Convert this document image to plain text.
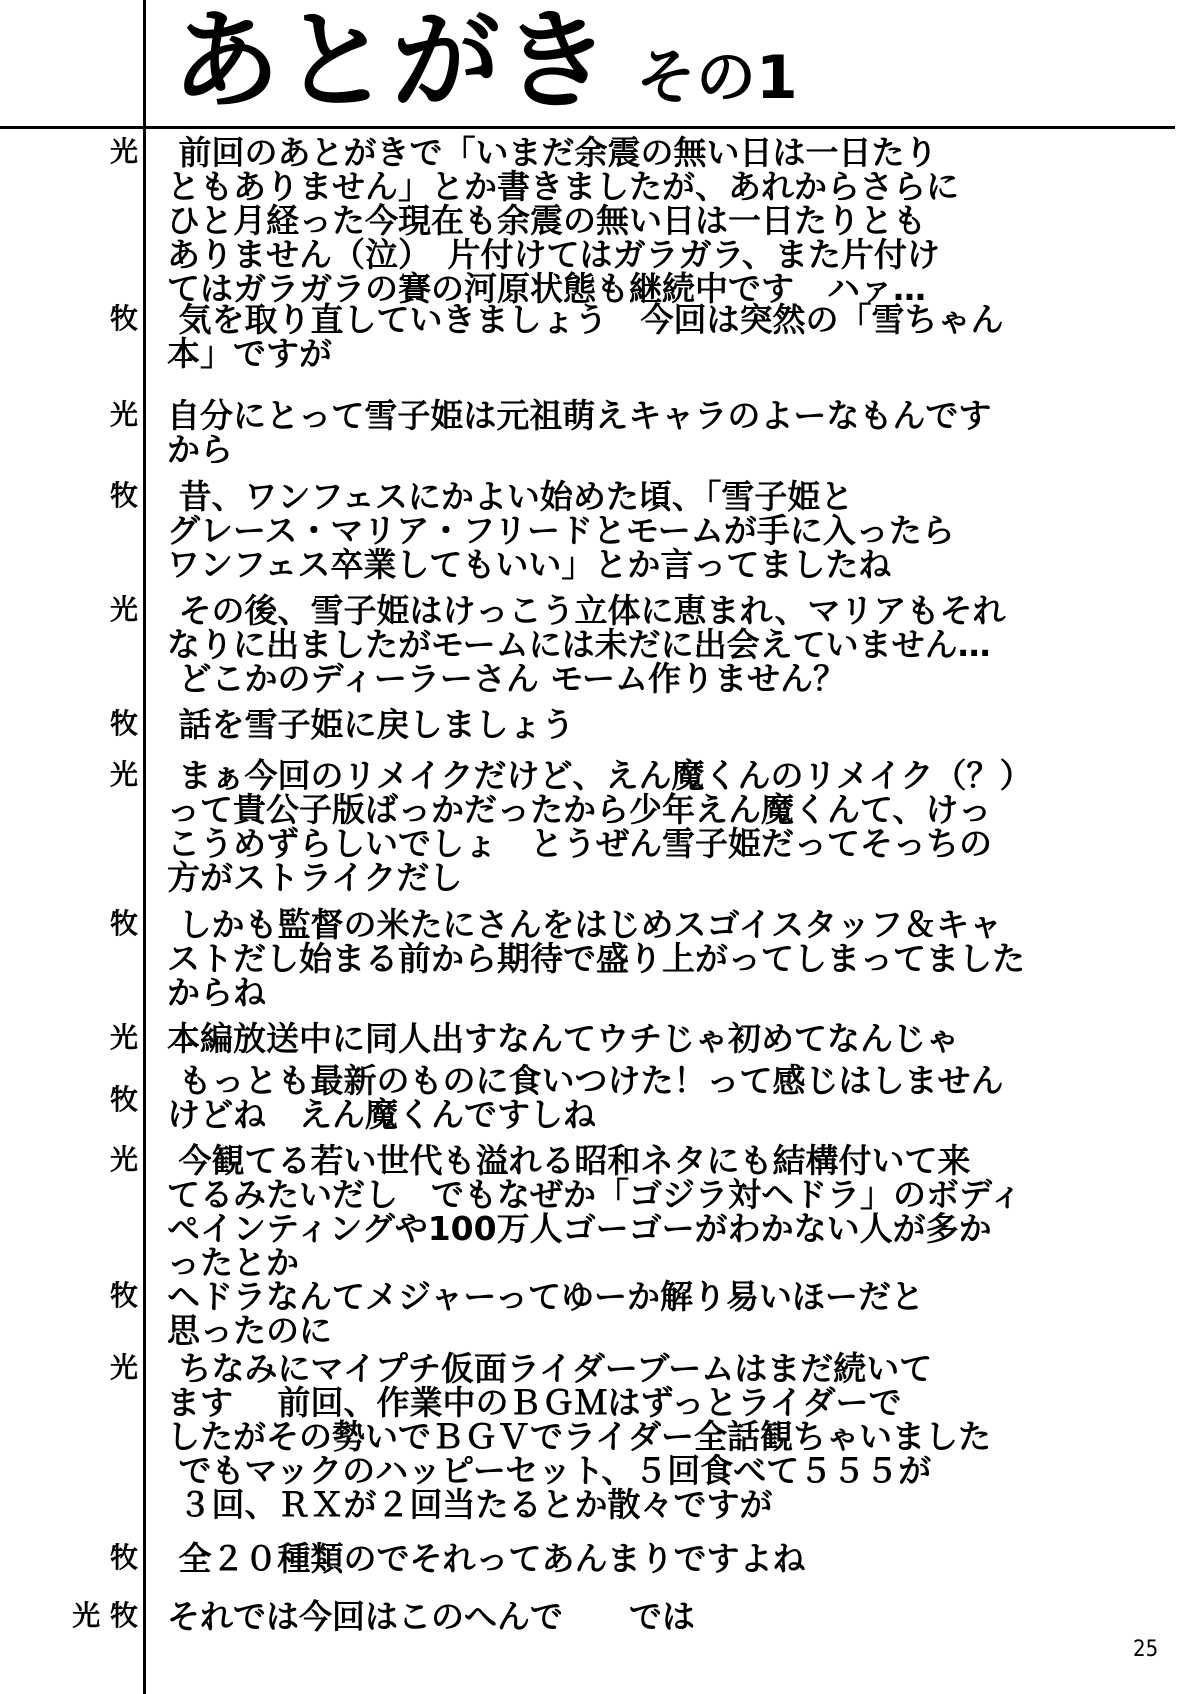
あとがき その1
光	前回のあとがきで「いまだ余震の無い日は一日たり
ともありません」とか書きましたが、あれからさらに
ひと月経った今現在も余震の無い日は一日たりとも
ありません（泣）　片付けてはガラガラ、また片付け
てはガラガラの賽の河原状態も継続中です　ハァ…
牧	気を取り直していきましょう　今回は突然の「雪ちゃん
本」ですが
光 自分にとって雪子姫は元祖萌えキャラのよーなもんです
から
牧	昔、ワンフェスにかよい始めた頃、「雪子姫と
グレース・マリア・フリードとモームが手に入ったら
ワンフェス卒業してもいい」とか言ってましたね
光	その後、雪子姫はけっこう立体に恵まれ、マリアもそれ
なりに出ましたがモームには未だに出会えていません…
どこかのディーラーさん モーム作りません？
牧 話を雪子姫に戻しましょう
光	まぁ今回のリメイクだけど、えん魔くんのリメイク（？）
って貴公子版ばっかだったから少年えん魔くんて、けっ
こうめずらしいでしょ　とうぜん雪子姫だってそっちの
方がストライクだし
牧	しかも監督の米たにさんをはじめスゴイスタッフ＆キャ
ストだし始まる前から期待で盛り上がってしまってました
からね
光 本編放送中に同人出すなんてウチじゃ初めてなんじゃ
牧	もっとも最新のものに食いつけた！って感じはしません
けどね　えん魔くんですしね
光	今観てる若い世代も溢れる昭和ネタにも結構付いて来
てるみたいだし　でもなぜか「ゴジラ対ヘドラ」のボディ
ペインティングや100万人ゴーゴーがわかない人が多か
ったとか
牧 ヘドラなんてメジャーってゆーか解り易いほーだと
思ったのに
光	ちなみにマイプチ仮面ライダーブームはまだ続いて
ます　 前回、作業中のＢＧＭはずっとライダーで
したがその勢いでＢＧＶでライダー全話観ちゃいました
でもマックのハッピーセット、５回食べて５５５が
３回、ＲＸが２回当たるとか散々ですが
牧 全２０種類のでそれってあんまりですよね
光 牧 それでは今回はこのへんで　　では
25
